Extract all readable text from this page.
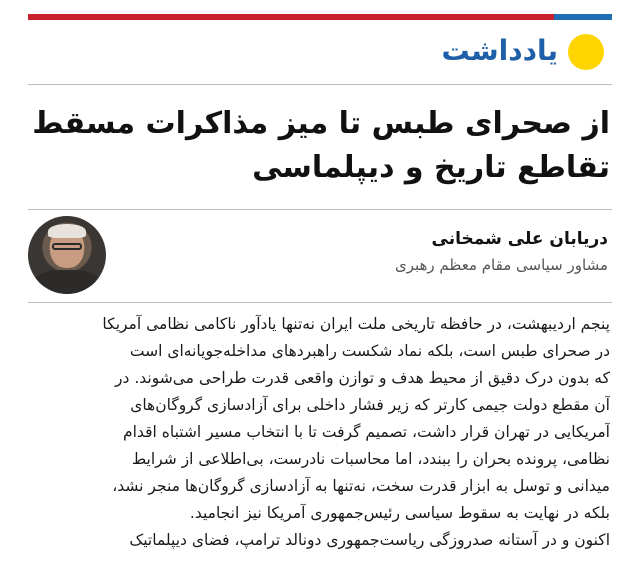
یادداشت
از صحرای طبس تا میز مذاکرات مسقط
تقاطع تاریخ و دیپلماسی
دریابان علی شمخانی
مشاور سیاسی مقام معظم رهبری
پنجم اردیبهشت، در حافظه تاریخی ملت ایران نه‌تنها یادآور ناکامی نظامی آمریکا
در صحرای طبس است، بلکه نماد شکست راهبردهای مداخله‌جویانه‌ای است
که بدون درک دقیق از محیط هدف و توازن واقعی قدرت طراحی می‌شوند. در
آن مقطع دولت جیمی کارتر که زیر فشار داخلی برای آزادسازی گروگان‌های
آمریکایی در تهران قرار داشت، تصمیم گرفت تا با انتخاب مسیر اشتباه اقدام
نظامی، پرونده بحران را ببندد، اما محاسبات نادرست، بی‌اطلاعی از شرایط
میدانی و توسل به ابزار قدرت سخت، نه‌تنها به آزادسازی گروگان‌ها منجر نشد،
بلکه در نهایت به سقوط سیاسی رئیس‌جمهوری آمریکا نیز انجامید.
اکنون و در آستانه صدروزگی ریاست‌جمهوری دونالد ترامپ، فضای دیپلماتیک
